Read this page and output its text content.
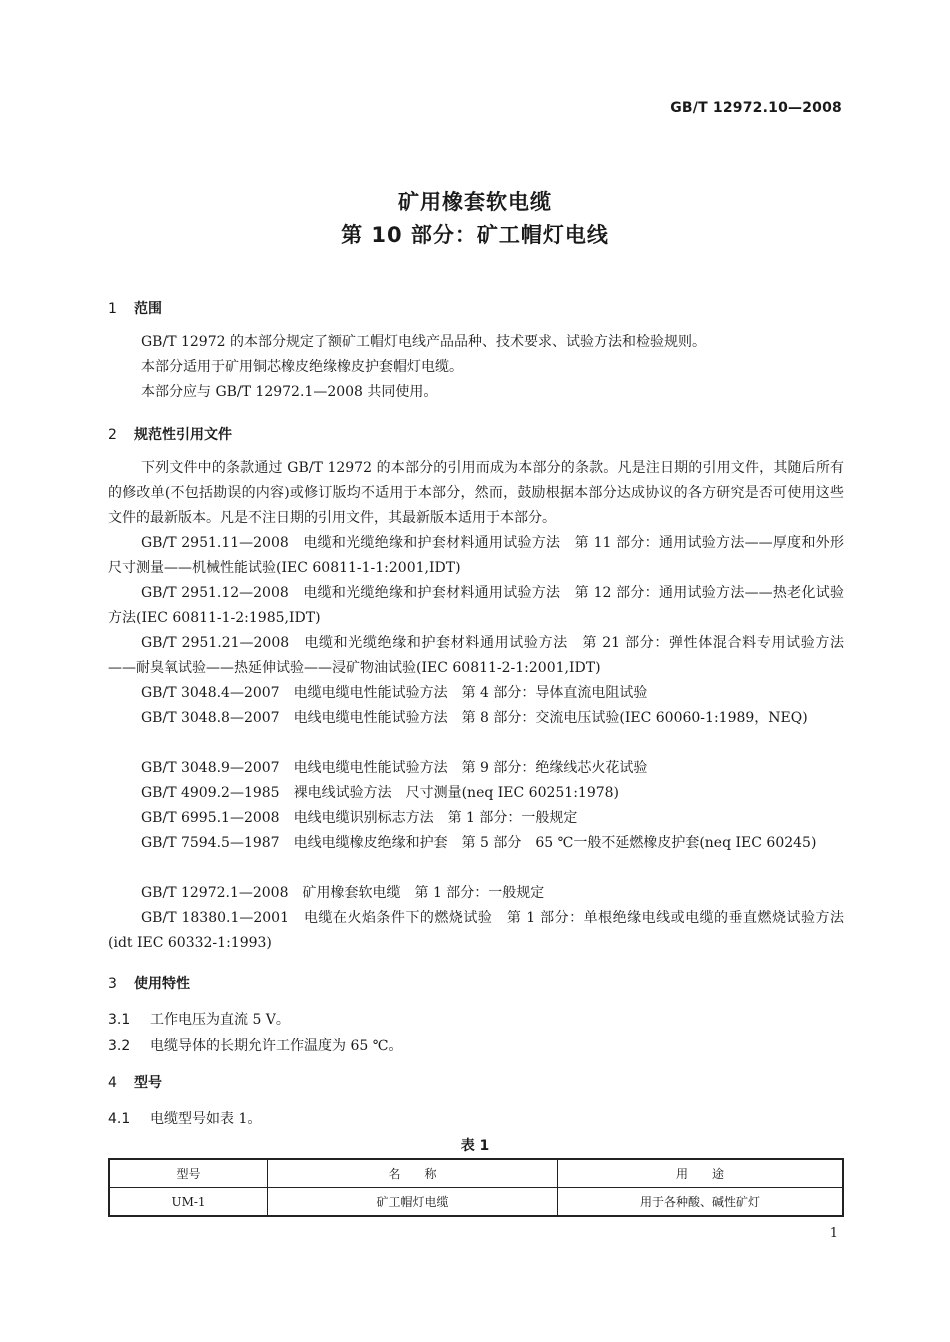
GB/T 12972.10—2008
矿用橡套软电缆
第 10 部分：矿工帽灯电线
1 范围
GB/T 12972 的本部分规定了额矿工帽灯电线产品品种、技术要求、试验方法和检验规则。
本部分适用于矿用铜芯橡皮绝缘橡皮护套帽灯电缆。
本部分应与 GB/T 12972.1—2008 共同使用。
2 规范性引用文件
下列文件中的条款通过 GB/T 12972 的本部分的引用而成为本部分的条款。凡是注日期的引用文件，其随后所有的修改单(不包括勘误的内容)或修订版均不适用于本部分，然而，鼓励根据本部分达成协议的各方研究是否可使用这些文件的最新版本。凡是不注日期的引用文件，其最新版本适用于本部分。
GB/T 2951.11—2008　电缆和光缆绝缘和护套材料通用试验方法　第 11 部分：通用试验方法——厚度和外形尺寸测量——机械性能试验(IEC 60811-1-1:2001,IDT)
GB/T 2951.12—2008　电缆和光缆绝缘和护套材料通用试验方法　第 12 部分：通用试验方法——热老化试验方法(IEC 60811-1-2:1985,IDT)
GB/T 2951.21—2008　电缆和光缆绝缘和护套材料通用试验方法　第 21 部分：弹性体混合料专用试验方法——耐臭氧试验——热延伸试验——浸矿物油试验(IEC 60811-2-1:2001,IDT)
GB/T 3048.4—2007　电缆电缆电性能试验方法　第 4 部分：导体直流电阻试验
GB/T 3048.8—2007　电线电缆电性能试验方法　第 8 部分：交流电压试验(IEC 60060-1:1989，NEQ)
GB/T 3048.9—2007　电线电缆电性能试验方法　第 9 部分：绝缘线芯火花试验
GB/T 4909.2—1985　裸电线试验方法　尺寸测量(neq IEC 60251:1978)
GB/T 6995.1—2008　电线电缆识别标志方法　第 1 部分：一般规定
GB/T 7594.5—1987　电线电缆橡皮绝缘和护套　第 5 部分　65 ℃一般不延燃橡皮护套(neq IEC 60245)
GB/T 12972.1—2008　矿用橡套软电缆　第 1 部分：一般规定
GB/T 18380.1—2001　电缆在火焰条件下的燃烧试验　第 1 部分：单根绝缘电线或电缆的垂直燃烧试验方法(idt IEC 60332-1:1993)
3 使用特性
3.1 工作电压为直流 5 V。
3.2 电缆导体的长期允许工作温度为 65 ℃。
4 型号
4.1 电缆型号如表 1。
表 1
型号	名　　称	用　　途
UM-1	矿工帽灯电缆	用于各种酸、碱性矿灯
1
